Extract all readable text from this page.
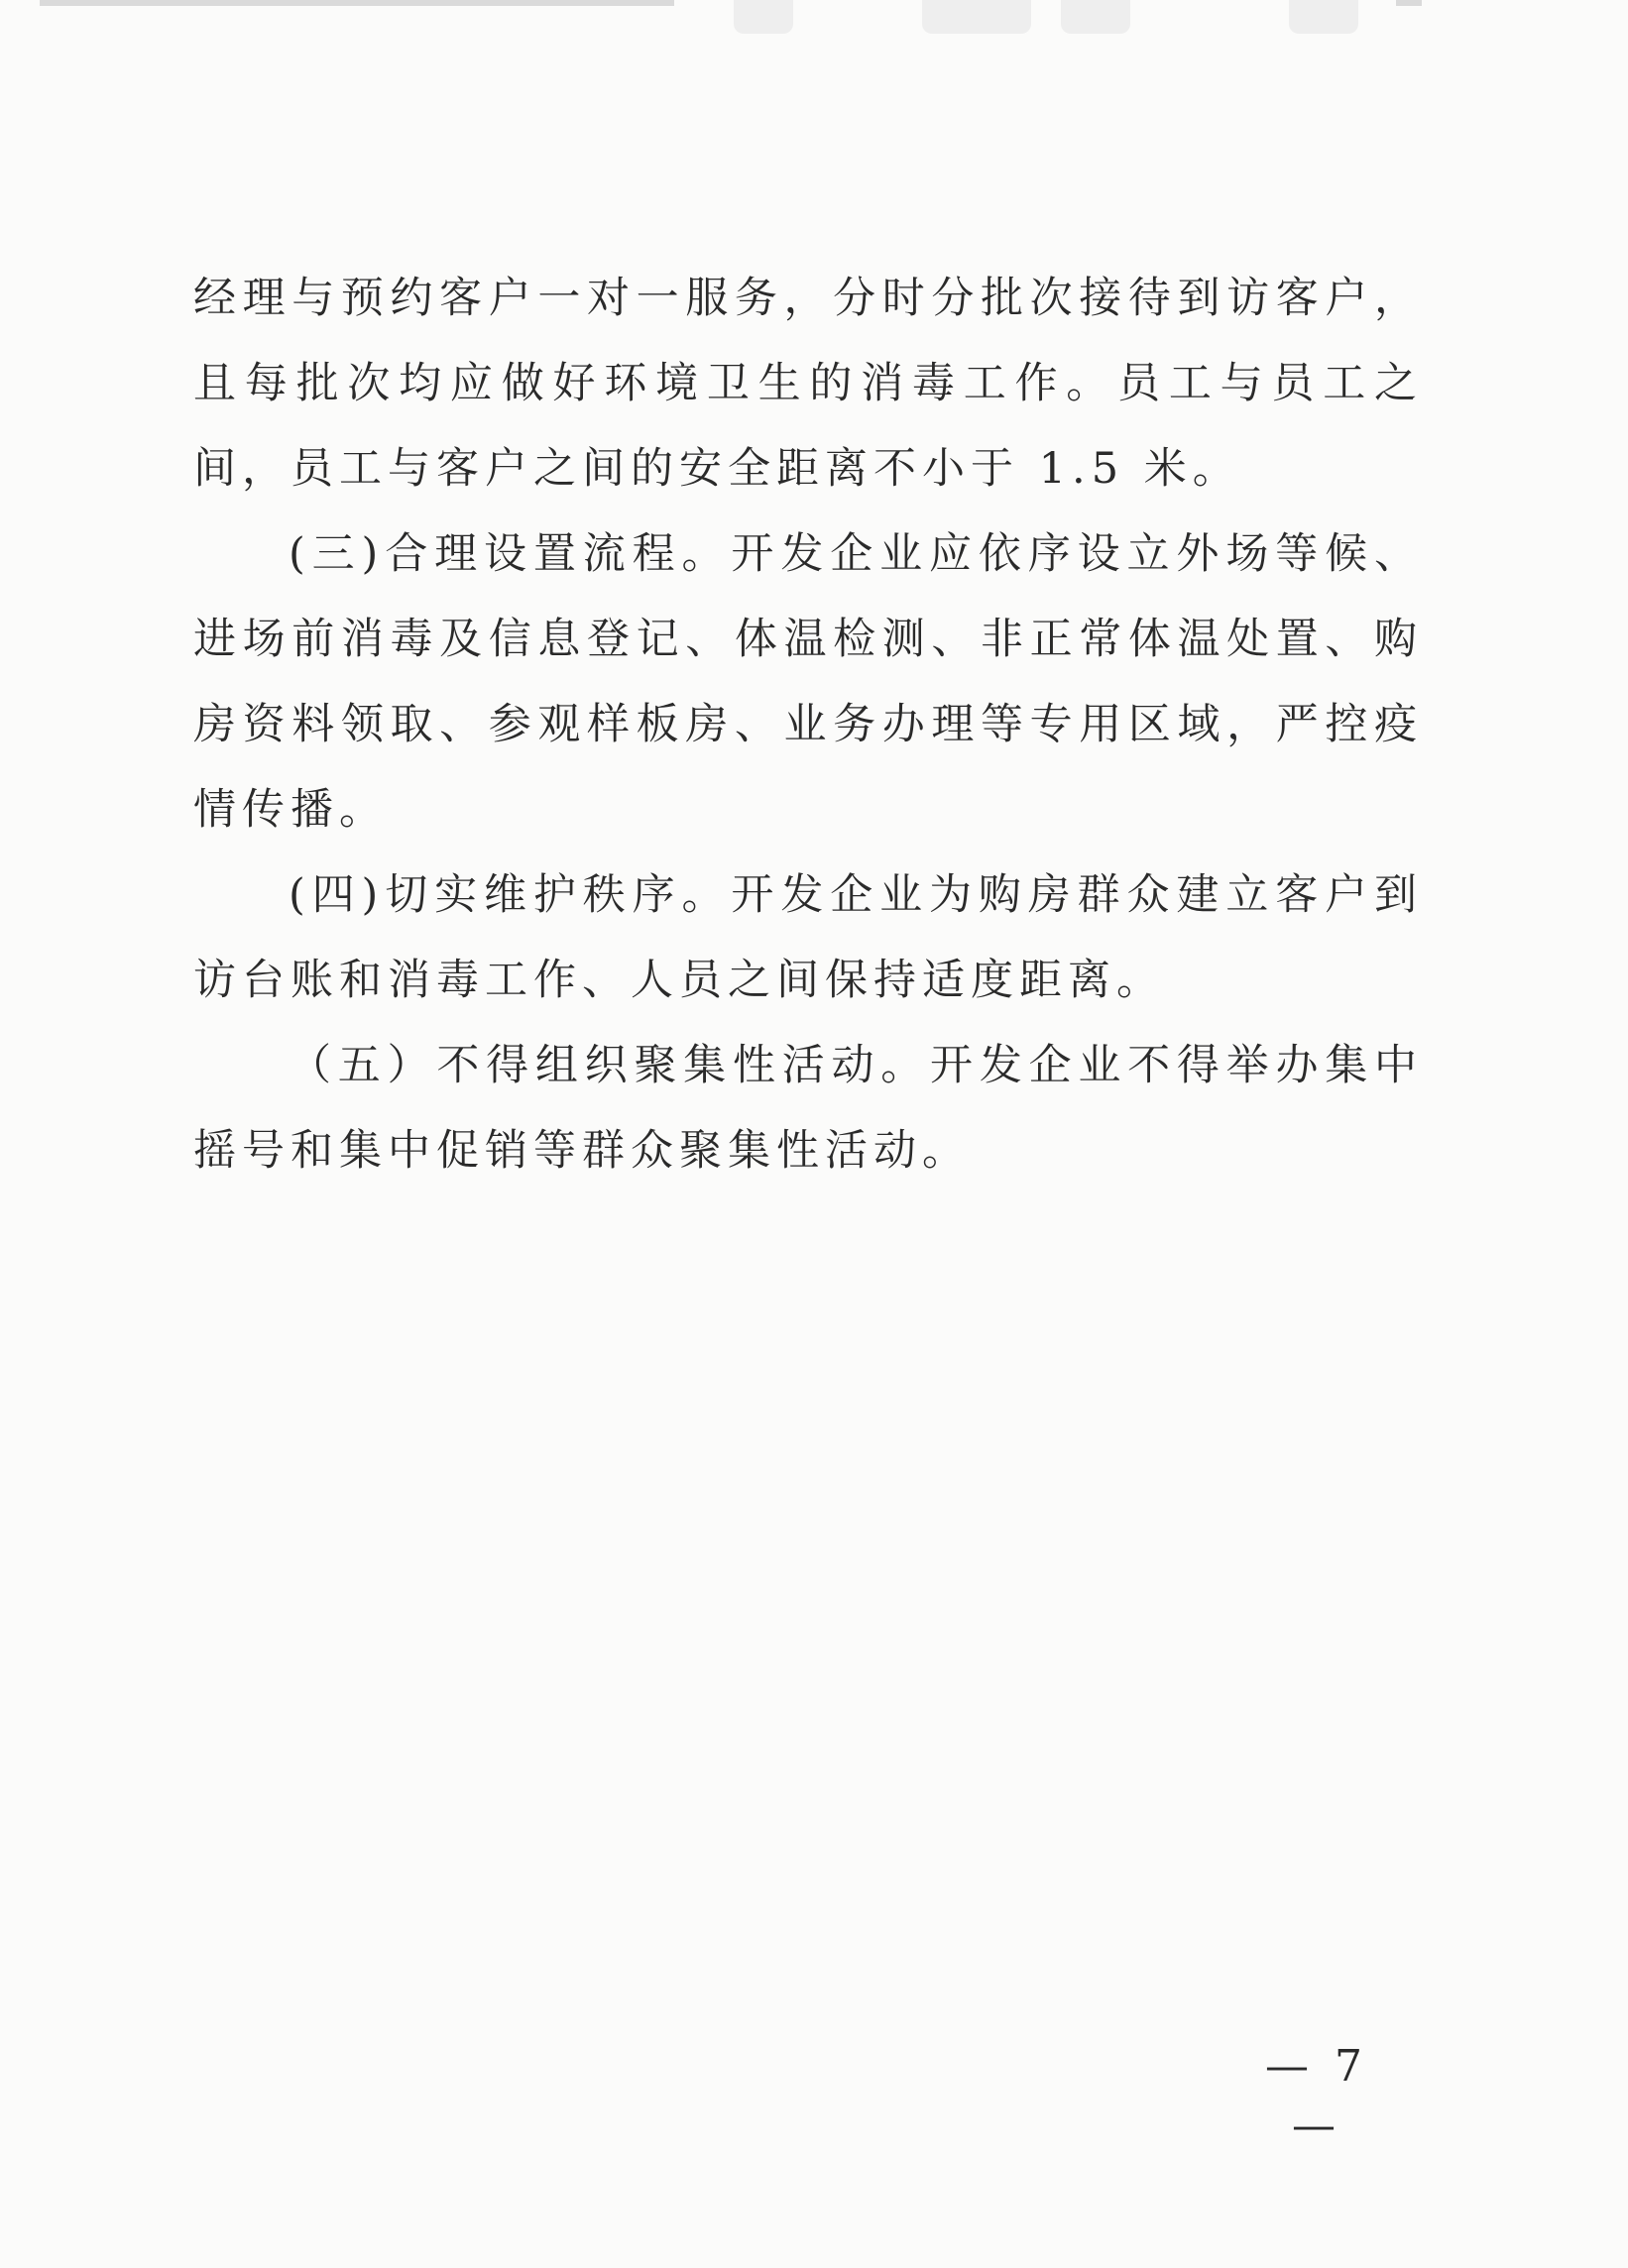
经理与预约客户一对一服务，分时分批次接待到访客户，且每批次均应做好环境卫生的消毒工作。员工与员工之间，员工与客户之间的安全距离不小于 1.5 米。

(三)合理设置流程。开发企业应依序设立外场等候、进场前消毒及信息登记、体温检测、非正常体温处置、购房资料领取、参观样板房、业务办理等专用区域，严控疫情传播。

(四)切实维护秩序。开发企业为购房群众建立客户到访台账和消毒工作、人员之间保持适度距离。

（五）不得组织聚集性活动。开发企业不得举办集中摇号和集中促销等群众聚集性活动。

— 7 —
